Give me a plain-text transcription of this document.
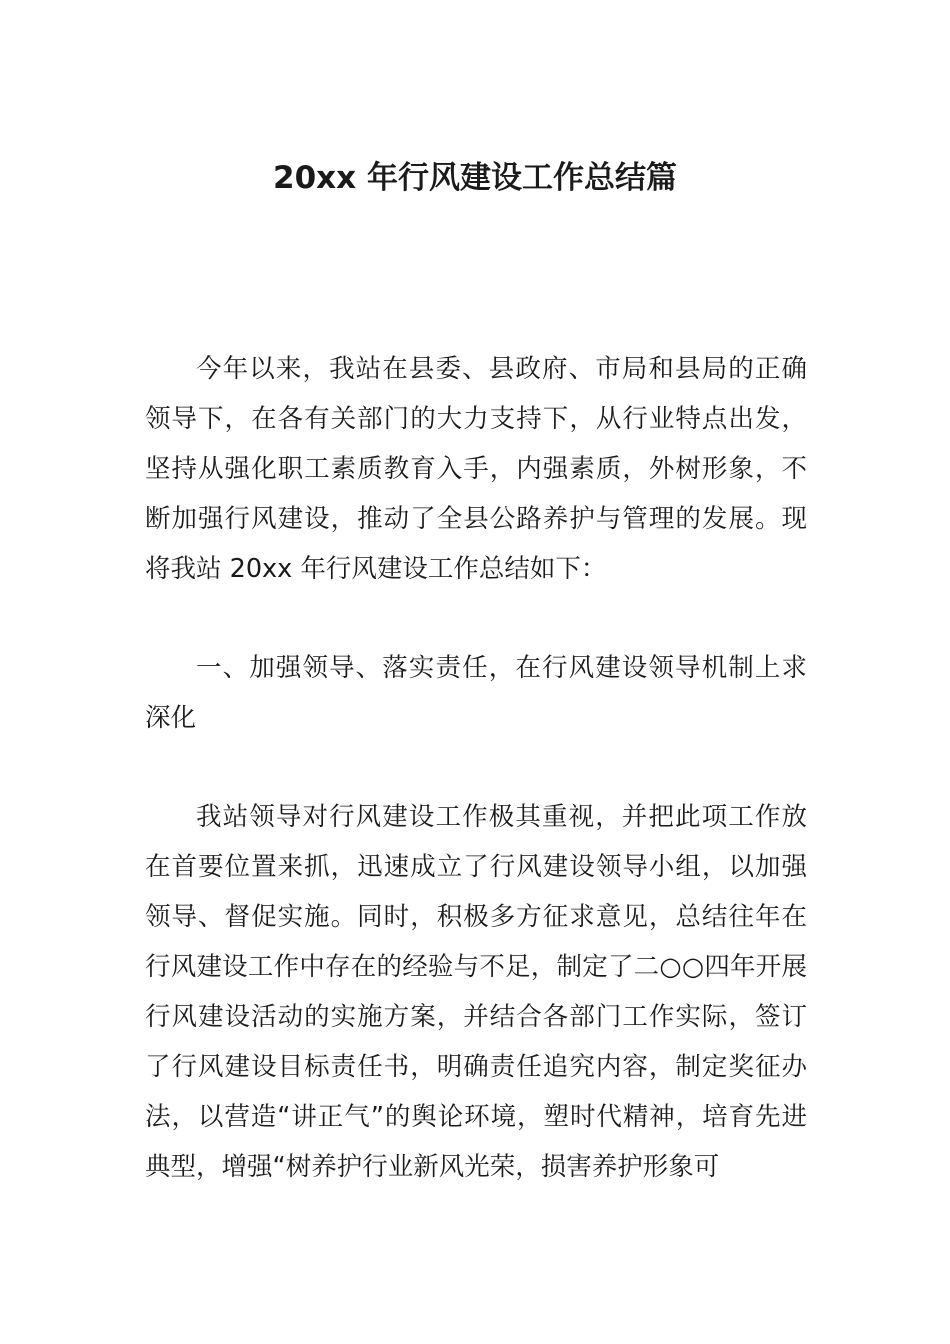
20xx 年行风建设工作总结篇

今年以来，我站在县委、县政府、市局和县局的正确领导下，在各有关部门的大力支持下，从行业特点出发，坚持从强化职工素质教育入手，内强素质，外树形象，不断加强行风建设，推动了全县公路养护与管理的发展。现将我站 20xx 年行风建设工作总结如下：

一、加强领导、落实责任，在行风建设领导机制上求深化

我站领导对行风建设工作极其重视，并把此项工作放在首要位置来抓，迅速成立了行风建设领导小组，以加强领导、督促实施。同时，积极多方征求意见，总结往年在行风建设工作中存在的经验与不足，制定了二○○四年开展行风建设活动的实施方案，并结合各部门工作实际，签订了行风建设目标责任书，明确责任追究内容，制定奖征办法，以营造“讲正气”的舆论环境，塑时代精神，培育先进典型，增强“树养护行业新风光荣，损害养护形象可
